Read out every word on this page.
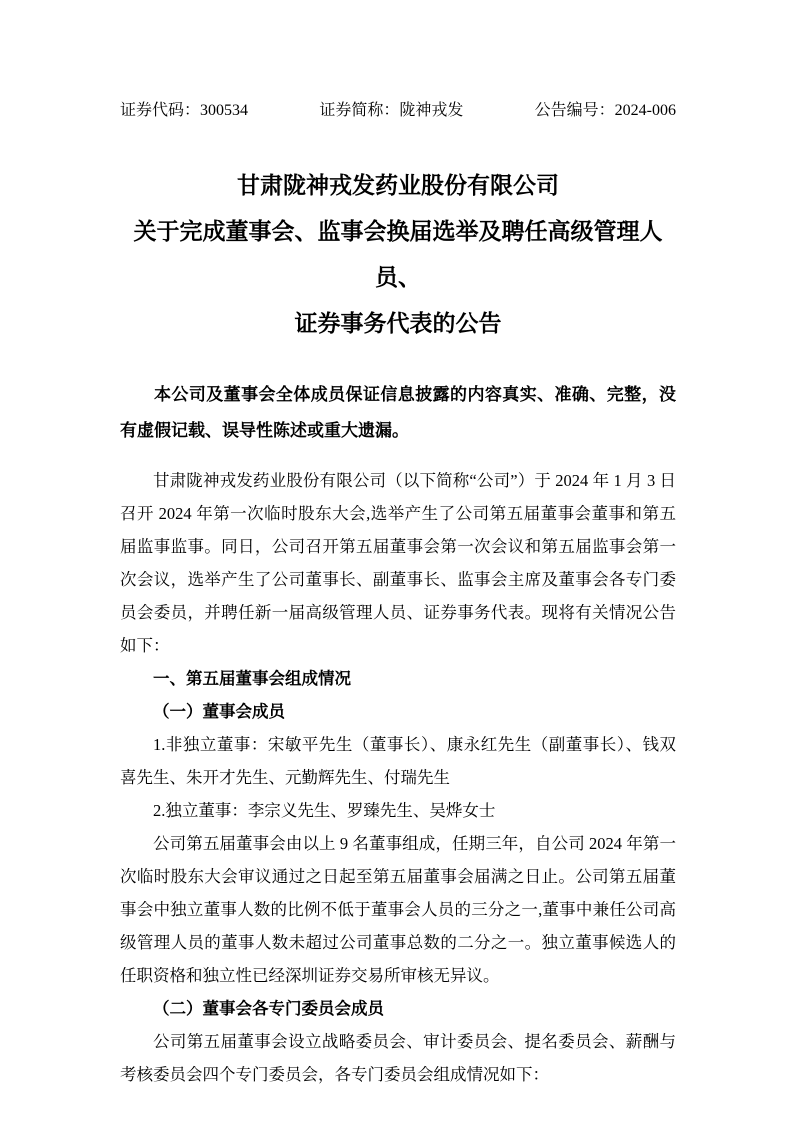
证券代码：300534	证券简称：陇神戎发	公告编号：2024-006
甘肃陇神戎发药业股份有限公司
关于完成董事会、监事会换届选举及聘任高级管理人员、
证券事务代表的公告

本公司及董事会全体成员保证信息披露的内容真实、准确、完整，没有虚假记载、误导性陈述或重大遗漏。

甘肃陇神戎发药业股份有限公司（以下简称“公司”）于 2024 年 1 月 3 日召开 2024 年第一次临时股东大会,选举产生了公司第五届董事会董事和第五届监事监事。同日，公司召开第五届董事会第一次会议和第五届监事会第一次会议，选举产生了公司董事长、副董事长、监事会主席及董事会各专门委员会委员，并聘任新一届高级管理人员、证券事务代表。现将有关情况公告如下：

一、第五届董事会组成情况

（一）董事会成员

1.非独立董事：宋敏平先生（董事长）、康永红先生（副董事长）、钱双喜先生、朱开才先生、元勤辉先生、付瑞先生

2.独立董事：李宗义先生、罗臻先生、吴烨女士

公司第五届董事会由以上 9 名董事组成，任期三年，自公司 2024 年第一次临时股东大会审议通过之日起至第五届董事会届满之日止。公司第五届董事会中独立董事人数的比例不低于董事会人员的三分之一,董事中兼任公司高级管理人员的董事人数未超过公司董事总数的二分之一。独立董事候选人的任职资格和独立性已经深圳证券交易所审核无异议。

（二）董事会各专门委员会成员

公司第五届董事会设立战略委员会、审计委员会、提名委员会、薪酬与考核委员会四个专门委员会，各专门委员会组成情况如下：
